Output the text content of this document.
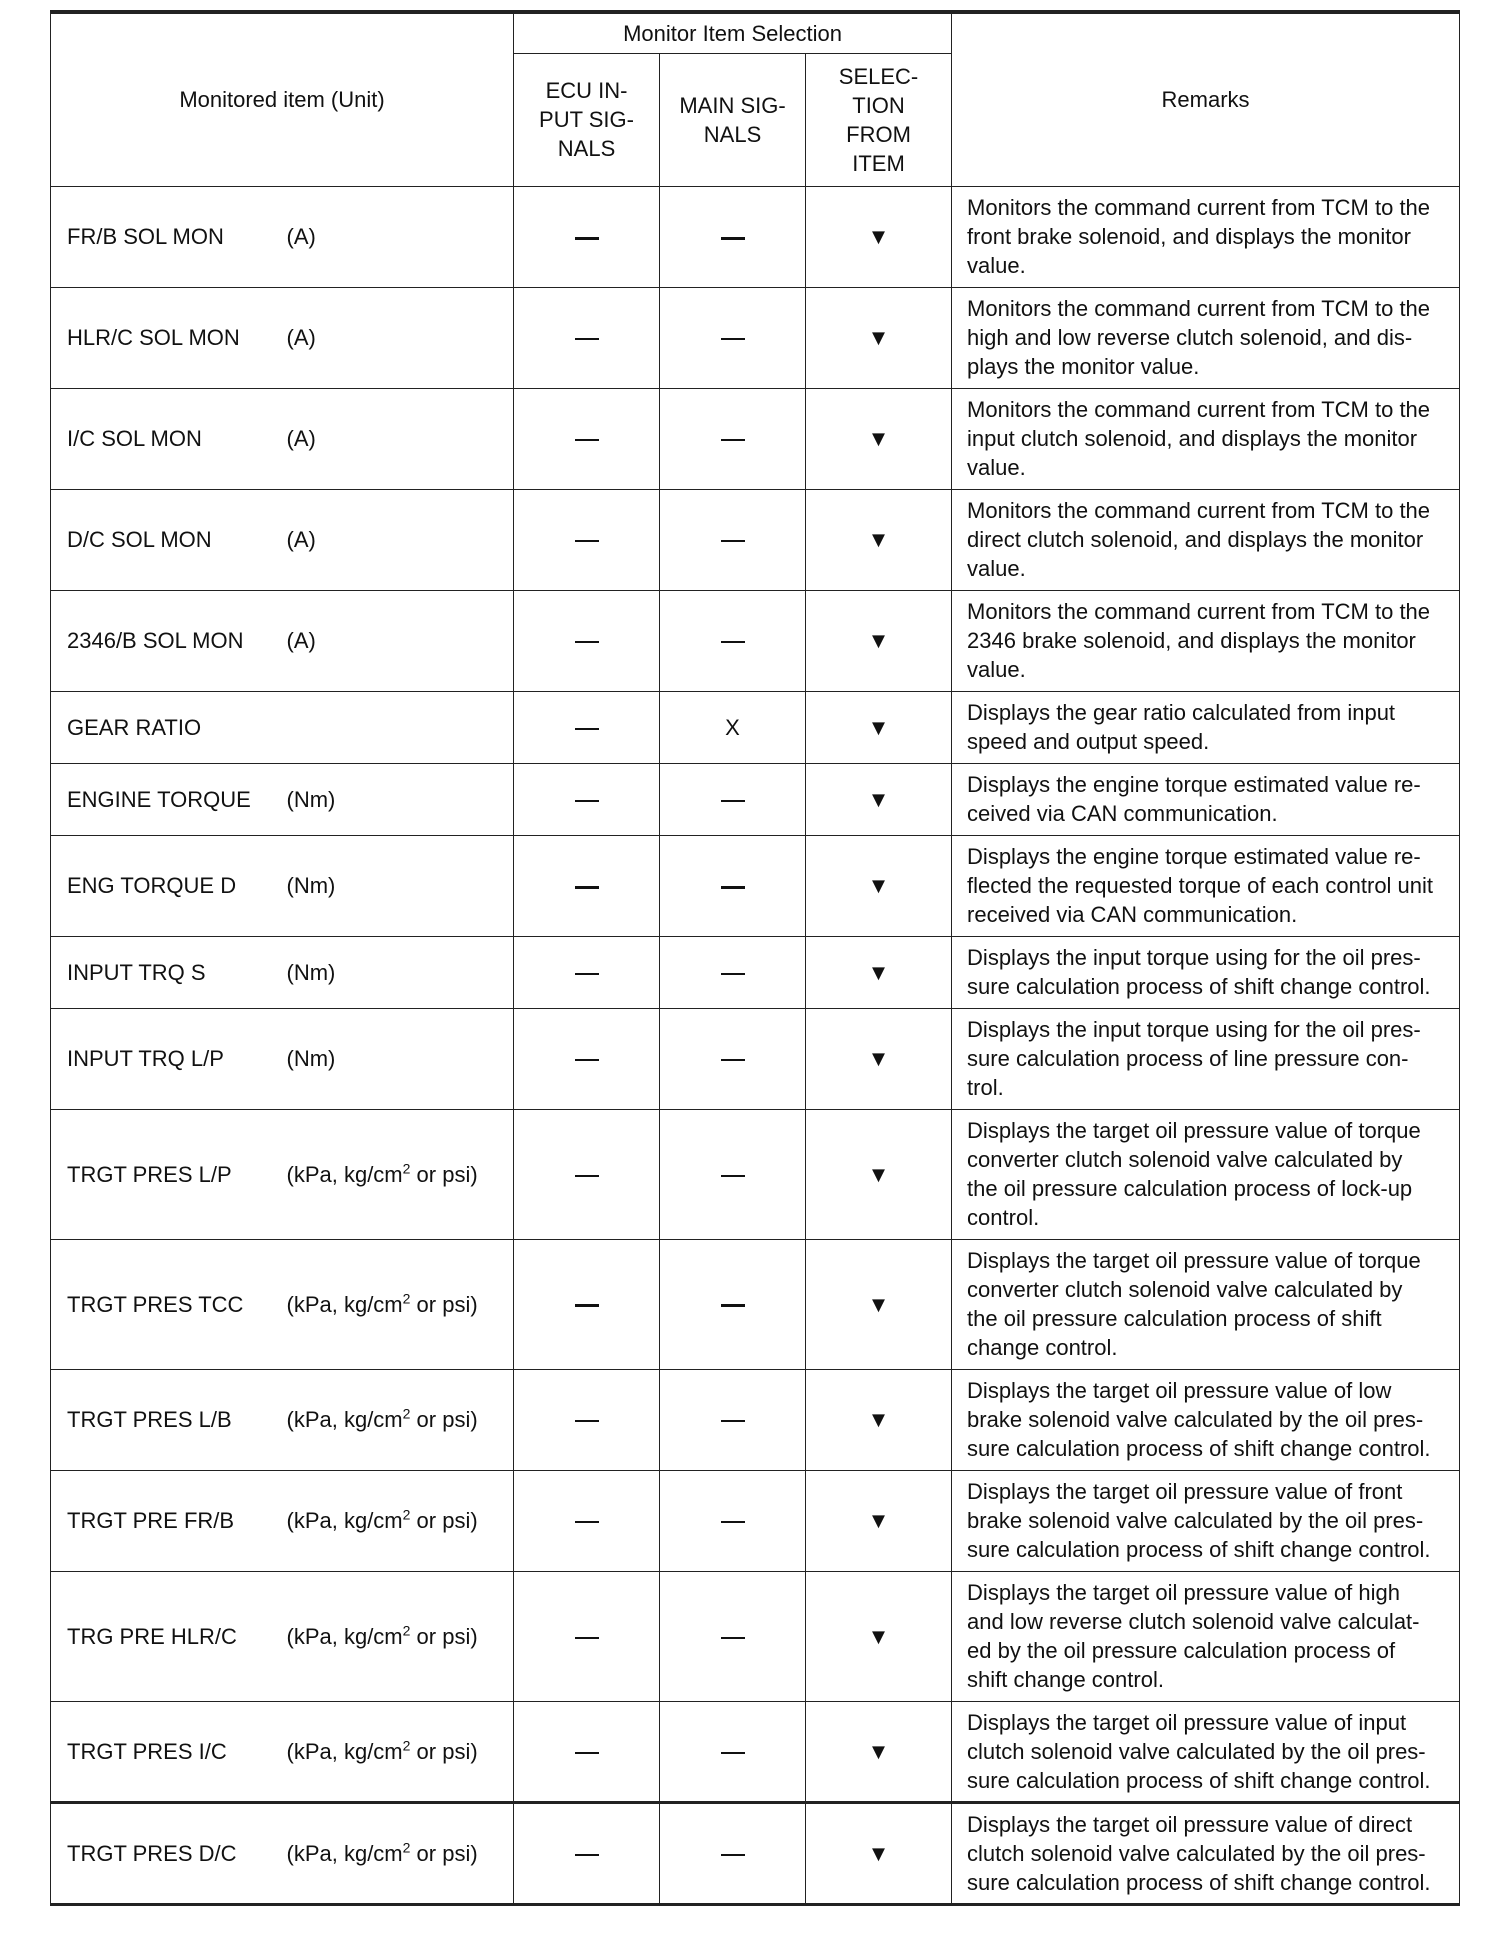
Monitored item (Unit)		Monitor Item Selection			Remarks
		ECU IN-
PUT SIG-
NALS	MAIN SIG-
NALS	SELEC-
TION
FROM
ITEM	
FR/B SOL MON	(A)			▼	Monitors the command current from TCM to the
front brake solenoid, and displays the monitor
value.

HLR/C SOL MON	(A)			▼	Monitors the command current from TCM to the
high and low reverse clutch solenoid, and dis-
plays the monitor value.

I/C SOL MON	(A)			▼	Monitors the command current from TCM to the
input clutch solenoid, and displays the monitor
value.

D/C SOL MON	(A)			▼	Monitors the command current from TCM to the
direct clutch solenoid, and displays the monitor
value.

2346/B SOL MON	(A)			▼	Monitors the command current from TCM to the
2346 brake solenoid, and displays the monitor
value.

GEAR RATIO			X	▼	Displays the gear ratio calculated from input
speed and output speed.

ENGINE TORQUE	(Nm)			▼	Displays the engine torque estimated value re-
ceived via CAN communication.

ENG TORQUE D	(Nm)			▼	Displays the engine torque estimated value re-
flected the requested torque of each control unit
received via CAN communication.

INPUT TRQ S	(Nm)			▼	Displays the input torque using for the oil pres-
sure calculation process of shift change control.

INPUT TRQ L/P	(Nm)			▼	Displays the input torque using for the oil pres-
sure calculation process of line pressure con-
trol.

TRGT PRES L/P	(kPa, $kg/cm^2$ or psi)			▼	Displays the target oil pressure value of torque
converter clutch solenoid valve calculated by
the oil pressure calculation process of lock-up
control.

TRGT PRES TCC	(kPa, $kg/cm^2$ or psi)			▼	Displays the target oil pressure value of torque
converter clutch solenoid valve calculated by
the oil pressure calculation process of shift
change control.

TRGT PRES L/B	(kPa, $kg/cm^2$ or psi)			▼	Displays the target oil pressure value of low
brake solenoid valve calculated by the oil pres-
sure calculation process of shift change control.

TRGT PRE FR/B	(kPa, $kg/cm^2$ or psi)			▼	Displays the target oil pressure value of front
brake solenoid valve calculated by the oil pres-
sure calculation process of shift change control.

TRG PRE HLR/C	(kPa, $kg/cm^2$ or psi)			▼	Displays the target oil pressure value of high
and low reverse clutch solenoid valve calculat-
ed by the oil pressure calculation process of
shift change control.

TRGT PRES I/C	(kPa, $kg/cm^2$ or psi)			▼	Displays the target oil pressure value of input
clutch solenoid valve calculated by the oil pres-
sure calculation process of shift change control.

TRGT PRES D/C	(kPa, $kg/cm^2$ or psi)			▼	Displays the target oil pressure value of direct
clutch solenoid valve calculated by the oil pres-
sure calculation process of shift change control.
